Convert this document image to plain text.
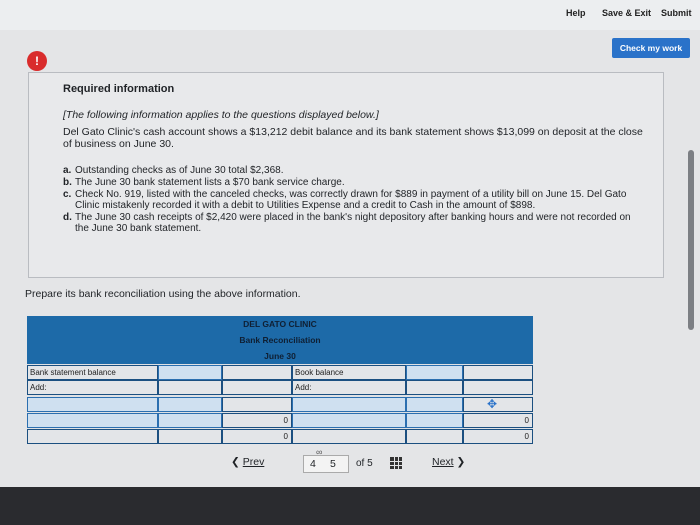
Help Save & Exit Submit
Check my work
!
Required information
[The following information applies to the questions displayed below.]
Del Gato Clinic's cash account shows a $13,212 debit balance and its bank statement shows $13,099 on deposit at the close of business on June 30.
a. Outstanding checks as of June 30 total $2,368.
b. The June 30 bank statement lists a $70 bank service charge.
c. Check No. 919, listed with the canceled checks, was correctly drawn for $889 in payment of a utility bill on June 15. Del Gato Clinic mistakenly recorded it with a debit to Utilities Expense and a credit to Cash in the amount of $898.
d. The June 30 cash receipts of $2,420 were placed in the bank's night depository after banking hours and were not recorded on the June 30 bank statement.
Prepare its bank reconciliation using the above information.
DEL GATO CLINIC
Bank Reconciliation
June 30
Bank statement balance	Book balance
Add:	Add:
0	0
0	0
✥
❮ Prev
∞
4 5 of 5	Next ❯
